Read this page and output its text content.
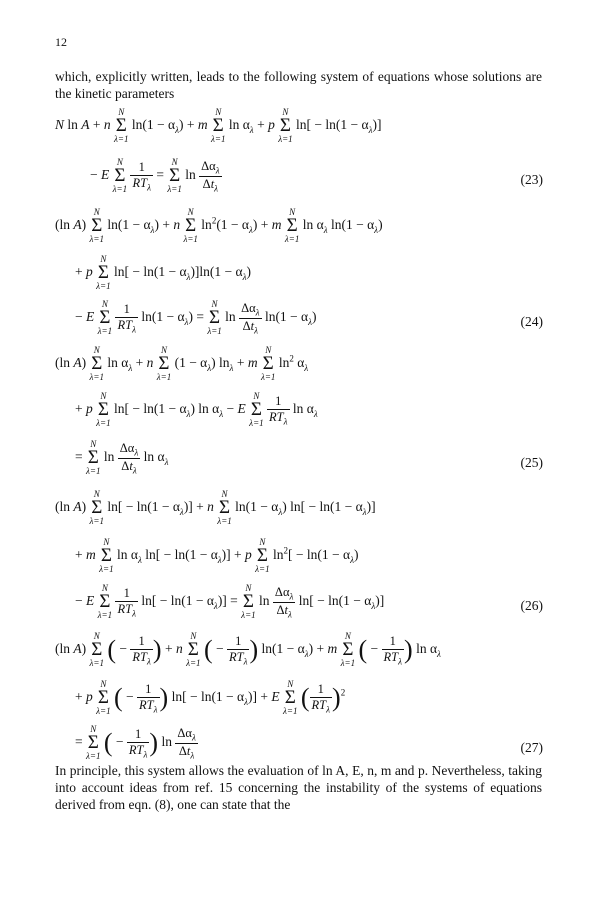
12

which, explicitly written, leads to the following system of equations whose solutions are the kinetic parameters

N ln A + n
N
Σ
λ=1
$\ln(1 - \alpha_\lambda) + m$
N
Σ
λ=1
$\ln \alpha_\lambda + p$
N
Σ
λ=1
$\ln[ - \ln(1 - \alpha_\lambda)]$
− E
N
Σ
λ=1

1
$RT_\lambda$
=
N
Σ
λ=1
ln
$\Delta\alpha_\lambda$
$\Delta t_\lambda$
(23)
(ln A)
N
Σ
λ=1
$\ln(1 - \alpha_\lambda) + n$
N
Σ
λ=1
$\ln^2(1 - \alpha_\lambda) + m$
N
Σ
λ=1
$\ln \alpha_\lambda$ $\ln(1 - \alpha_\lambda)$
+ p
N
Σ
λ=1
$\ln[ - \ln(1 - \alpha_\lambda)]\ln(1 - \alpha_\lambda)$
− E
N
Σ
λ=1

1
$RT_\lambda$
$\ln(1 - \alpha_\lambda)$ =
N
Σ
λ=1
ln
$\Delta\alpha_\lambda$
$\Delta t_\lambda$
$\ln(1 - \alpha_\lambda)$	(24)
(ln A)
N
Σ
λ=1
$\ln \alpha_\lambda + n$
N
Σ
λ=1
$(1 - \alpha_\lambda)$ $\ln_\lambda + m$
N
Σ
λ=1
$\ln^2 \alpha_\lambda$
+ p
N
Σ
λ=1
$\ln[ - \ln(1 - \alpha_\lambda)$ $\ln \alpha_\lambda - E$
N
Σ
λ=1

1
$RT_\lambda$
$\ln \alpha_\lambda$
=
N
Σ
λ=1
ln
$\Delta\alpha_\lambda$
$\Delta t_\lambda$
$\ln \alpha_\lambda$	(25)
(ln A)
N
Σ
λ=1
$\ln[ - \ln(1 - \alpha_\lambda)] + n$
N
Σ
λ=1
$\ln(1 - \alpha_\lambda)$ $\ln[ - \ln(1 - \alpha_\lambda)]$
+ m
N
Σ
λ=1
$\ln \alpha_\lambda$ $\ln[ - \ln(1 - \alpha_\lambda)] + p$
N
Σ
λ=1
$\ln^2[ - \ln(1 - \alpha_\lambda)$
− E
N
Σ
λ=1

1
$RT_\lambda$
$\ln[ - \ln(1 - \alpha_\lambda)]$ =
N
Σ
λ=1
ln
$\Delta\alpha_\lambda$
$\Delta t_\lambda$
$\ln[ - \ln(1 - \alpha_\lambda)]$	(26)
(ln A)
N
Σ
λ=1 ( −
1
$RT_\lambda$ ) + n
N
Σ
λ=1 ( −
1
$RT_\lambda$ ) $\ln(1 - \alpha_\lambda) + m$
N
Σ
λ=1 ( −
1
$RT_\lambda$ ) $\ln \alpha_\lambda$
+ p
N
Σ
λ=1 ( −
1
$RT_\lambda$ ) $\ln[ - \ln(1 - \alpha_\lambda)] + E$
N
Σ
λ=1 ( 1
$RT_\lambda$ )$^2$
=
N
Σ
λ=1 ( −
1
$RT_\lambda$ ) ln
$\Delta\alpha_\lambda$
$\Delta t_\lambda$	(27)

In principle, this system allows the evaluation of ln A, E, n, m and p. Nevertheless, taking into account ideas from ref. 15 concerning the instability of the systems of equations derived from eqn. (8), one can state that the
